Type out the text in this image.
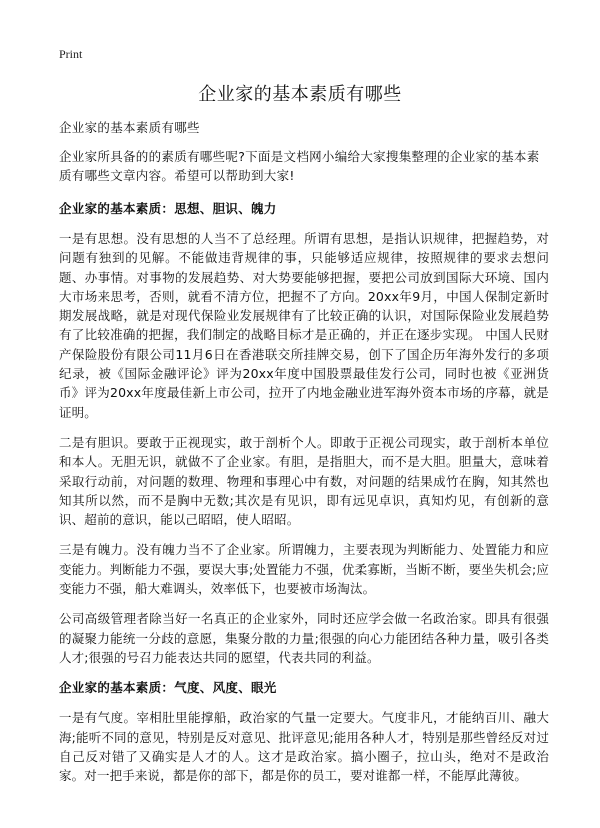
Print
企业家的基本素质有哪些

企业家的基本素质有哪些

企业家所具备的的素质有哪些呢?下面是文档网小编给大家搜集整理的企业家的基本素质有哪些文章内容。希望可以帮助到大家!

企业家的基本素质：思想、胆识、魄力

一是有思想。没有思想的人当不了总经理。所谓有思想，是指认识规律，把握趋势，对问题有独到的见解。不能做违背规律的事，只能够适应规律，按照规律的要求去想问题、办事情。对事物的发展趋势、对大势要能够把握，要把公司放到国际大环境、国内大市场来思考，否则，就看不清方位，把握不了方向。20xx年9月，中国人保制定新时期发展战略，就是对现代保险业发展规律有了比较正确的认识，对国际保险业发展趋势有了比较准确的把握，我们制定的战略目标才是正确的，并正在逐步实现。 中国人民财产保险股份有限公司11月6日在香港联交所挂牌交易，创下了国企历年海外发行的多项纪录，被《国际金融评论》评为20xx年度中国股票最佳发行公司，同时也被《亚洲货币》评为20xx年度最佳新上市公司，拉开了内地金融业进军海外资本市场的序幕，就是证明。

二是有胆识。要敢于正视现实，敢于剖析个人。即敢于正视公司现实，敢于剖析本单位和本人。无胆无识，就做不了企业家。有胆，是指胆大，而不是大胆。胆量大，意味着采取行动前，对问题的数理、物理和事理心中有数，对问题的结果成竹在胸，知其然也知其所以然，而不是胸中无数;其次是有见识，即有远见卓识，真知灼见，有创新的意识、超前的意识，能以己昭昭，使人昭昭。

三是有魄力。没有魄力当不了企业家。所谓魄力，主要表现为判断能力、处置能力和应变能力。判断能力不强，要误大事;处置能力不强，优柔寡断，当断不断，要坐失机会;应变能力不强，船大难调头，效率低下，也要被市场淘汰。

公司高级管理者除当好一名真正的企业家外，同时还应学会做一名政治家。即具有很强的凝聚力能统一分歧的意愿，集聚分散的力量;很强的向心力能团结各种力量，吸引各类人才;很强的号召力能表达共同的愿望，代表共同的利益。

企业家的基本素质：气度、风度、眼光

一是有气度。宰相肚里能撑船，政治家的气量一定要大。气度非凡，才能纳百川、融大海;能听不同的意见，特别是反对意见、批评意见;能用各种人才，特别是那些曾经反对过自己反对错了又确实是人才的人。这才是政治家。搞小圈子，拉山头，绝对不是政治家。对一把手来说，都是你的部下，都是你的员工，要对谁都一样，不能厚此薄彼。
